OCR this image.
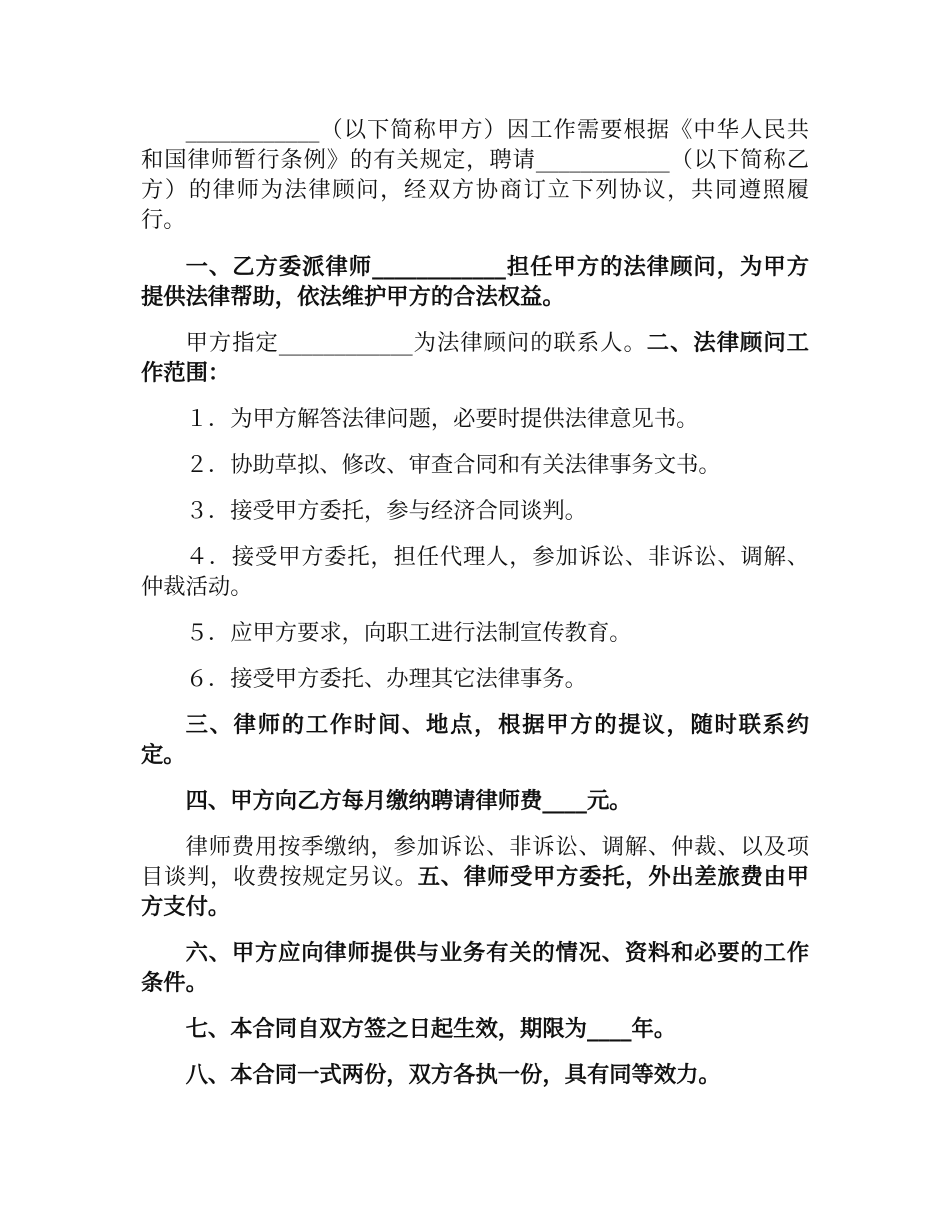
____________（以下简称甲方）因工作需要根据《中华人民共和国律师暂行条例》的有关规定，聘请____________（以下简称乙方）的律师为法律顾问，经双方协商订立下列协议，共同遵照履行。

一、乙方委派律师____________担任甲方的法律顾问，为甲方提供法律帮助，依法维护甲方的合法权益。

甲方指定____________为法律顾问的联系人。二、法律顾问工作范围：

１．为甲方解答法律问题，必要时提供法律意见书。

２．协助草拟、修改、审查合同和有关法律事务文书。

３．接受甲方委托，参与经济合同谈判。

４．接受甲方委托，担任代理人，参加诉讼、非诉讼、调解、仲裁活动。

５．应甲方要求，向职工进行法制宣传教育。

６．接受甲方委托、办理其它法律事务。

三、律师的工作时间、地点，根据甲方的提议，随时联系约定。

四、甲方向乙方每月缴纳聘请律师费____元。

律师费用按季缴纳，参加诉讼、非诉讼、调解、仲裁、以及项目谈判，收费按规定另议。五、律师受甲方委托，外出差旅费由甲方支付。

六、甲方应向律师提供与业务有关的情况、资料和必要的工作条件。

七、本合同自双方签之日起生效，期限为____年。

八、本合同一式两份，双方各执一份，具有同等效力。
